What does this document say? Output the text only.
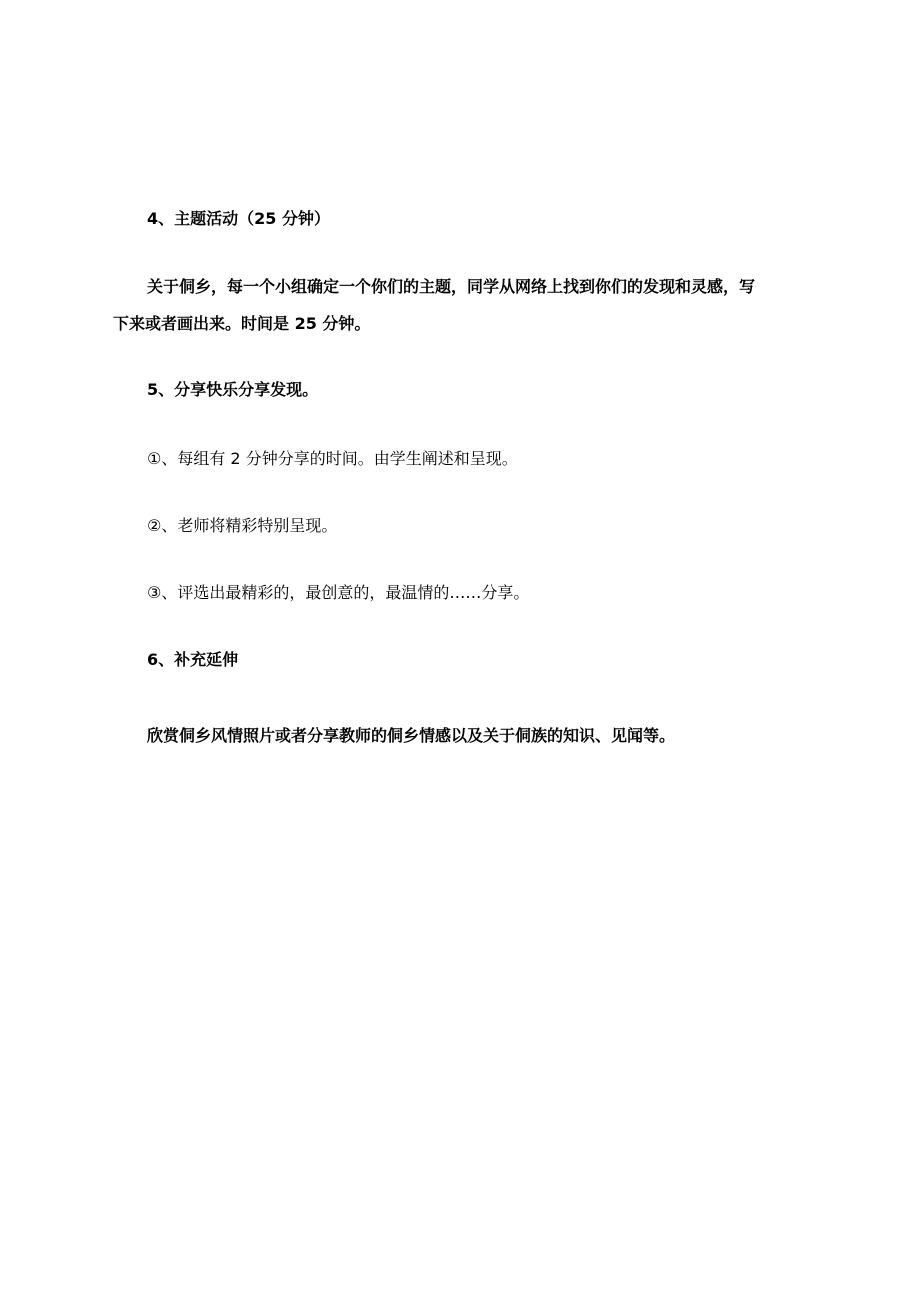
4、主题活动（25 分钟）
关于侗乡，每一个小组确定一个你们的主题，同学从网络上找到你们的发现和灵感，写
下来或者画出来。时间是 25 分钟。
5、分享快乐分享发现。
①、每组有 2 分钟分享的时间。由学生阐述和呈现。
②、老师将精彩特别呈现。
③、评选出最精彩的，最创意的，最温情的……分享。
6、补充延伸
欣赏侗乡风情照片或者分享教师的侗乡情感以及关于侗族的知识、见闻等。
